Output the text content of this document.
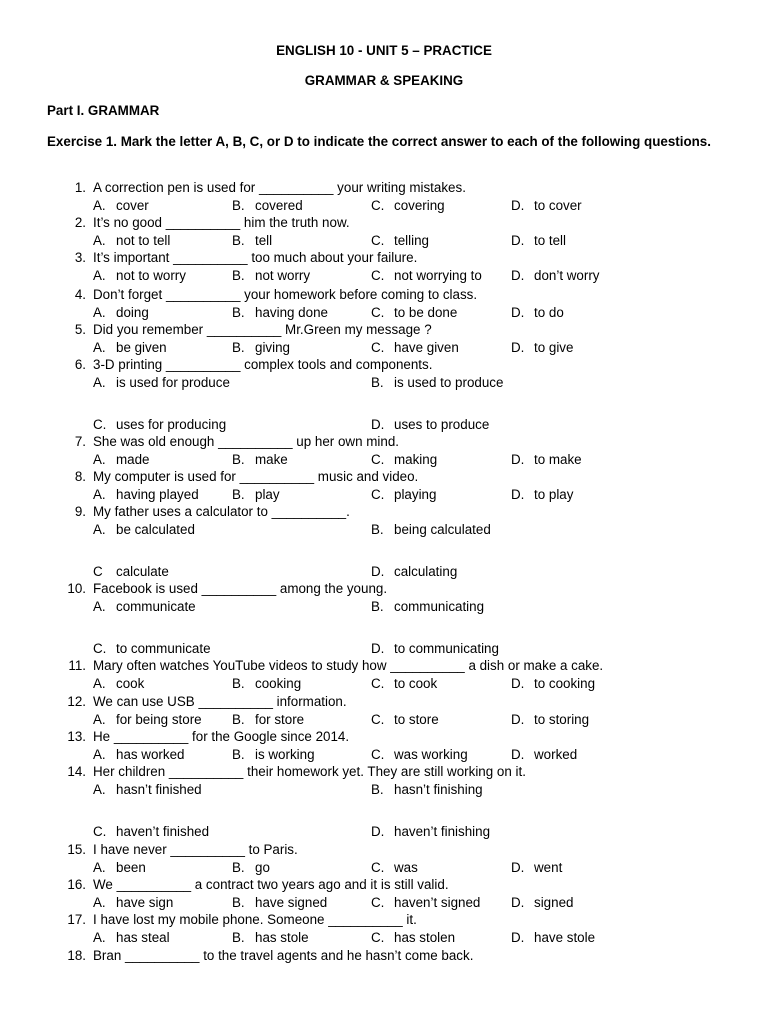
ENGLISH 10 - UNIT 5 – PRACTICE
GRAMMAR & SPEAKING
Part I. GRAMMAR
Exercise 1. Mark the letter A, B, C, or D to indicate the correct answer to each of the following questions.
1. A correction pen is used for __________ your writing mistakes.
A. cover	B. covered	C. covering	D. to cover
2. It’s no good __________ him the truth now.
A. not to tell	B. tell	C. telling	D. to tell
3. It’s important __________ too much about your failure.
A. not to worry	B. not worry	C. not worrying to D. don’t worry
4. Don’t forget __________ your homework before coming to class.
A. doing	B. having done	C. to be done	D. to do
5. Did you remember __________ Mr.Green my message ?
A. be given	B. giving	C. have given	D. to give
6. 3-D printing __________ complex tools and components.
A. is used for produce	B. is used to produce
C. uses for producing	D. uses to produce
7. She was old enough __________ up her own mind.
A. made	B. make	C. making	D. to make
8. My computer is used for __________ music and video.
A. having played B. play	C. playing	D. to play
9. My father uses a calculator to __________.
A. be calculated	B. being calculated
C calculate	D. calculating
10. Facebook is used __________ among the young.
A. communicate	B. communicating
C. to communicate	D. to communicating
11. Mary often watches YouTube videos to study how __________ a dish or make a cake.
A. cook	B. cooking	C. to cook	D. to cooking
12. We can use USB __________ information.
A. for being store B. for store	C. to store	D. to storing
13. He __________ for the Google since 2014.
A. has worked	B. is working	C. was working	D. worked
14. Her children __________ their homework yet. They are still working on it.
A. hasn’t finished	B. hasn’t finishing
C. haven’t finished	D. haven’t finishing
15. I have never __________ to Paris.
A. been	B. go	C. was	D. went
16. We __________ a contract two years ago and it is still valid.
A. have sign	B. have signed	C. haven’t signed D. signed
17. I have lost my mobile phone. Someone __________ it.
A. has steal	B. has stole	C. has stolen	D. have stole
18. Bran __________ to the travel agents and he hasn’t come back.
